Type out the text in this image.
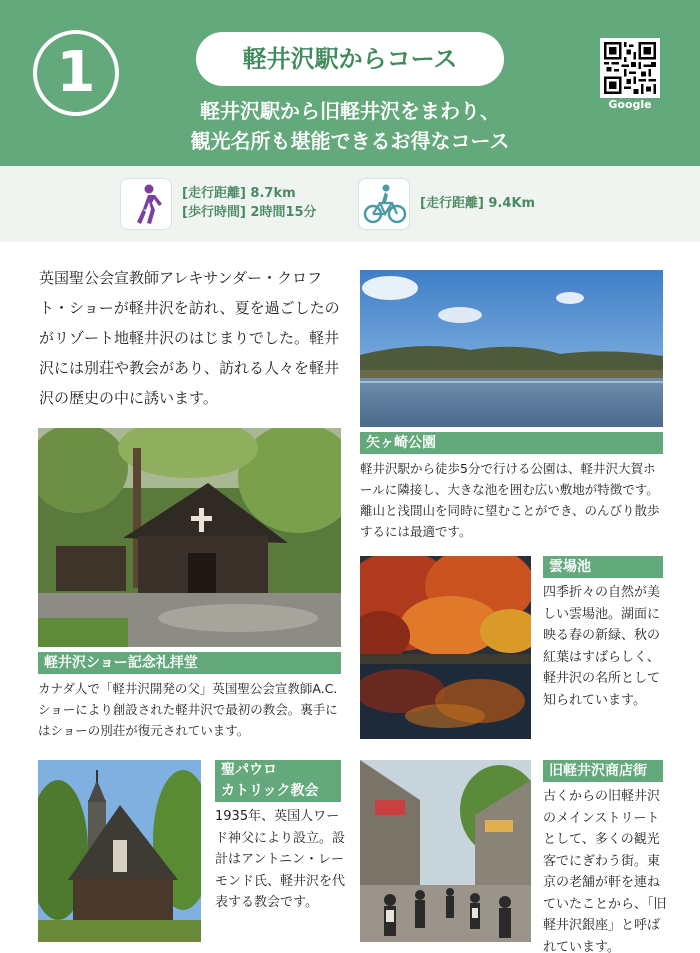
1	軽井沢駅からコース
軽井沢駅から旧軽井沢をまわり、
観光名所も堪能できるお得なコース
Google
[走行距離] 8.7km
[歩行時間] 2時間15分
[走行距離] 9.4Km
英国聖公会宣教師アレキサンダー・クロフト・ショーが軽井沢を訪れ、夏を過ごしたのがリゾート地軽井沢のはじまりでした。軽井沢には別荘や教会があり、訪れる人々を軽井沢の歴史の中に誘います。
矢ヶ崎公園
軽井沢駅から徒歩5分で行ける公園は、軽井沢大賀ホールに隣接し、大きな池を囲む広い敷地が特徴です。離山と浅間山を同時に望むことができ、のんびり散歩するには最適です。
軽井沢ショー記念礼拝堂
カナダ人で「軽井沢開発の父」英国聖公会宣教師A.C.ショーにより創設された軽井沢で最初の教会。裏手にはショーの別荘が復元されています。
雲場池
四季折々の自然が美しい雲場池。湖面に映る春の新緑、秋の紅葉はすばらしく、軽井沢の名所として知られています。
聖パウロ
カトリック教会
1935年、英国人ワード神父により設立。設計はアントニン・レーモンド氏、軽井沢を代表する教会です。
旧軽井沢商店街
古くからの旧軽井沢のメインストリートとして、多くの観光客でにぎわう街。東京の老舗が軒を連ねていたことから、「旧軽井沢銀座」と呼ばれています。
